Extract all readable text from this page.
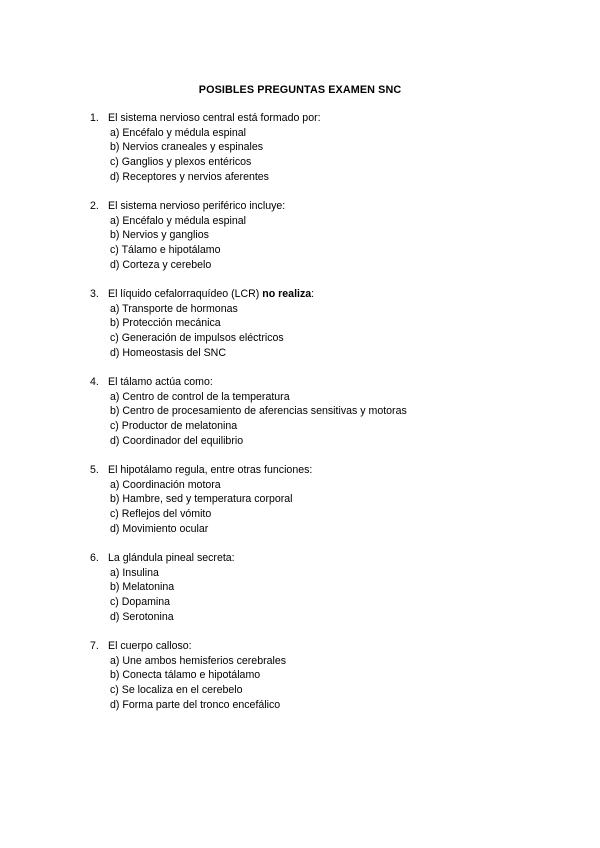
POSIBLES PREGUNTAS EXAMEN SNC
1. El sistema nervioso central está formado por:
a) Encéfalo y médula espinal
b) Nervios craneales y espinales
c) Ganglios y plexos entéricos
d) Receptores y nervios aferentes
2. El sistema nervioso periférico incluye:
a) Encéfalo y médula espinal
b) Nervios y ganglios
c) Tálamo e hipotálamo
d) Corteza y cerebelo
3. El líquido cefalorraquídeo (LCR) no realiza:
a) Transporte de hormonas
b) Protección mecánica
c) Generación de impulsos eléctricos
d) Homeostasis del SNC
4. El tálamo actúa como:
a) Centro de control de la temperatura
b) Centro de procesamiento de aferencias sensitivas y motoras
c) Productor de melatonina
d) Coordinador del equilibrio
5. El hipotálamo regula, entre otras funciones:
a) Coordinación motora
b) Hambre, sed y temperatura corporal
c) Reflejos del vómito
d) Movimiento ocular
6. La glándula pineal secreta:
a) Insulina
b) Melatonina
c) Dopamina
d) Serotonina
7. El cuerpo calloso:
a) Une ambos hemisferios cerebrales
b) Conecta tálamo e hipotálamo
c) Se localiza en el cerebelo
d) Forma parte del tronco encefálico
